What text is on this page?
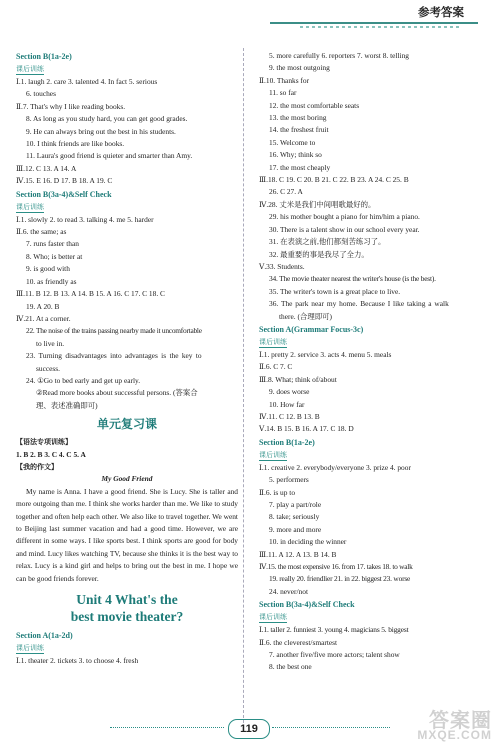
参考答案
Section B(1a-2e)
课后训练
Ⅰ.1. laugh 2. care 3. talented 4. In fact 5. serious
6. touches
Ⅱ.7. That's why I like reading books.
8. As long as you study hard, you can get good grades.
9. He can always bring out the best in his students.
10. I think friends are like books.
11. Laura's good friend is quieter and smarter than Amy.
Ⅲ.12. C 13. A 14. A
Ⅳ.15. E 16. D 17. B 18. A 19. C
Section B(3a-4)&Self Check
课后训练
Ⅰ.1. slowly 2. to read 3. talking 4. me 5. harder
Ⅱ.6. the same; as
7. runs faster than
8. Who; is better at
9. is good with
10. as friendly as
Ⅲ.11. B 12. B 13. A 14. B 15. A 16. C 17. C 18. C
19. A 20. B
Ⅳ.21. At a corner.
22. The noise of the trains passing nearby made it uncomfortable
to live in.
23. Turning disadvantages into advantages is the key to
success.
24. ①Go to bed early and get up early.
②Read more books about successful persons. (答案合
理、表述准确即可)
单元复习课
【语法专项训练】
1. B 2. B 3. C 4. C 5. A
【我的作文】
My Good Friend
My name is Anna. I have a good friend. She is Lucy. She is taller and more outgoing than me. I think she works harder than me. We like to study together and often help each other. We also like to travel together. We went to Beijing last summer vacation and had a good time. However, we are different in some ways. I like sports best. I think sports are good for body and mind. Lucy likes watching TV, because she thinks it is the best way to relax. Lucy is a kind girl and helps to bring out the best in me. I hope we can be good friends forever.
Unit 4 What's the
best movie theater?
Section A(1a-2d)
课后训练
Ⅰ.1. theater 2. tickets 3. to choose 4. fresh
5. more carefully 6. reporters 7. worst 8. telling
9. the most outgoing
Ⅱ.10. Thanks for
11. so far
12. the most comfortable seats
13. the most boring
14. the freshest fruit
15. Welcome to
16. Why; think so
17. the most cheaply
Ⅲ.18. C 19. C 20. B 21. C 22. B 23. A 24. C 25. B
26. C 27. A
Ⅳ.28. 丈米是我们中间唱歌最好的。
29. his mother bought a piano for him/him a piano.
30. There is a talent show in our school every year.
31. 在表演之前,他们都刻苦练习了。
32. 最重要的事是我尽了全力。
Ⅴ.33. Students.
34. The movie theater nearest the writer's house (is the best).
35. The writer's town is a great place to live.
36. The park near my home. Because I like taking a walk
there. (合理即可)
Section A(Grammar Focus-3c)
课后训练
Ⅰ.1. pretty 2. service 3. acts 4. menu 5. meals
Ⅱ.6. C 7. C
Ⅲ.8. What; think of/about
9. does worse
10. How far
Ⅳ.11. C 12. B 13. B
Ⅴ.14. B 15. B 16. A 17. C 18. D
Section B(1a-2e)
课后训练
Ⅰ.1. creative 2. everybody/everyone 3. prize 4. poor
5. performers
Ⅱ.6. is up to
7. play a part/role
8. take; seriously
9. more and more
10. in deciding the winner
Ⅲ.11. A 12. A 13. B 14. B
Ⅳ.15. the most expensive 16. from 17. takes 18. to walk
19. really 20. friendlier 21. in 22. biggest 23. worse
24. never/not
Section B(3a-4)&Self Check
课后训练
Ⅰ.1. taller 2. funniest 3. young 4. magicians 5. biggest
Ⅱ.6. the cleverest/smartest
7. another five/five more actors; talent show
8. the best one
119	答案圈
MXQE.COM
